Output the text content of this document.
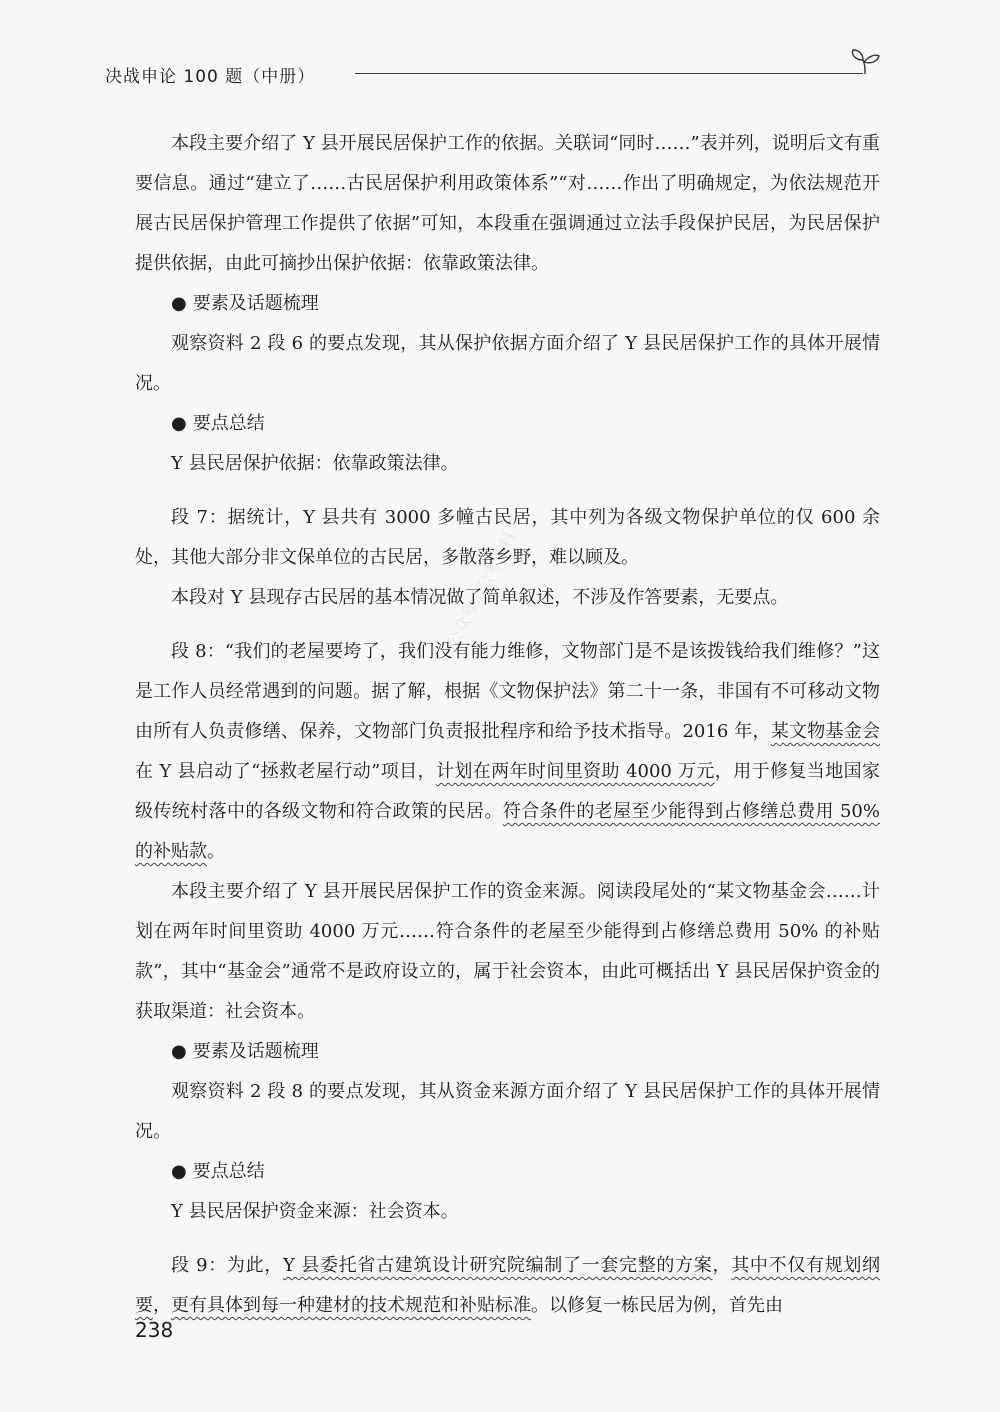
决战申论 100 题（中册）
公众号：公考资料

本段主要介绍了 Y 县开展民居保护工作的依据。关联词“同时……”表并列，说明后文有重要信息。通过“建立了……古民居保护利用政策体系”“对……作出了明确规定，为依法规范开展古民居保护管理工作提供了依据”可知，本段重在强调通过立法手段保护民居，为民居保护提供依据，由此可摘抄出保护依据：依靠政策法律。

● 要素及话题梳理

观察资料 2 段 6 的要点发现，其从保护依据方面介绍了 Y 县民居保护工作的具体开展情况。

● 要点总结

Y 县民居保护依据：依靠政策法律。

段 7：据统计，Y 县共有 3000 多幢古民居，其中列为各级文物保护单位的仅 600 余处，其他大部分非文保单位的古民居，多散落乡野，难以顾及。

本段对 Y 县现存古民居的基本情况做了简单叙述，不涉及作答要素，无要点。

段 8：“我们的老屋要垮了，我们没有能力维修，文物部门是不是该拨钱给我们维修？”这是工作人员经常遇到的问题。据了解，根据《文物保护法》第二十一条，非国有不可移动文物由所有人负责修缮、保养，文物部门负责报批程序和给予技术指导。2016 年，某文物基金会在 Y 县启动了“拯救老屋行动”项目，计划在两年时间里资助 4000 万元，用于修复当地国家级传统村落中的各级文物和符合政策的民居。符合条件的老屋至少能得到占修缮总费用 50% 的补贴款。

本段主要介绍了 Y 县开展民居保护工作的资金来源。阅读段尾处的“某文物基金会……计划在两年时间里资助 4000 万元……符合条件的老屋至少能得到占修缮总费用 50% 的补贴款”，其中“基金会”通常不是政府设立的，属于社会资本，由此可概括出 Y 县民居保护资金的获取渠道：社会资本。

● 要素及话题梳理

观察资料 2 段 8 的要点发现，其从资金来源方面介绍了 Y 县民居保护工作的具体开展情况。

● 要点总结

Y 县民居保护资金来源：社会资本。

段 9：为此，Y 县委托省古建筑设计研究院编制了一套完整的方案，其中不仅有规划纲要，更有具体到每一种建材的技术规范和补贴标准。以修复一栋民居为例，首先由

238
